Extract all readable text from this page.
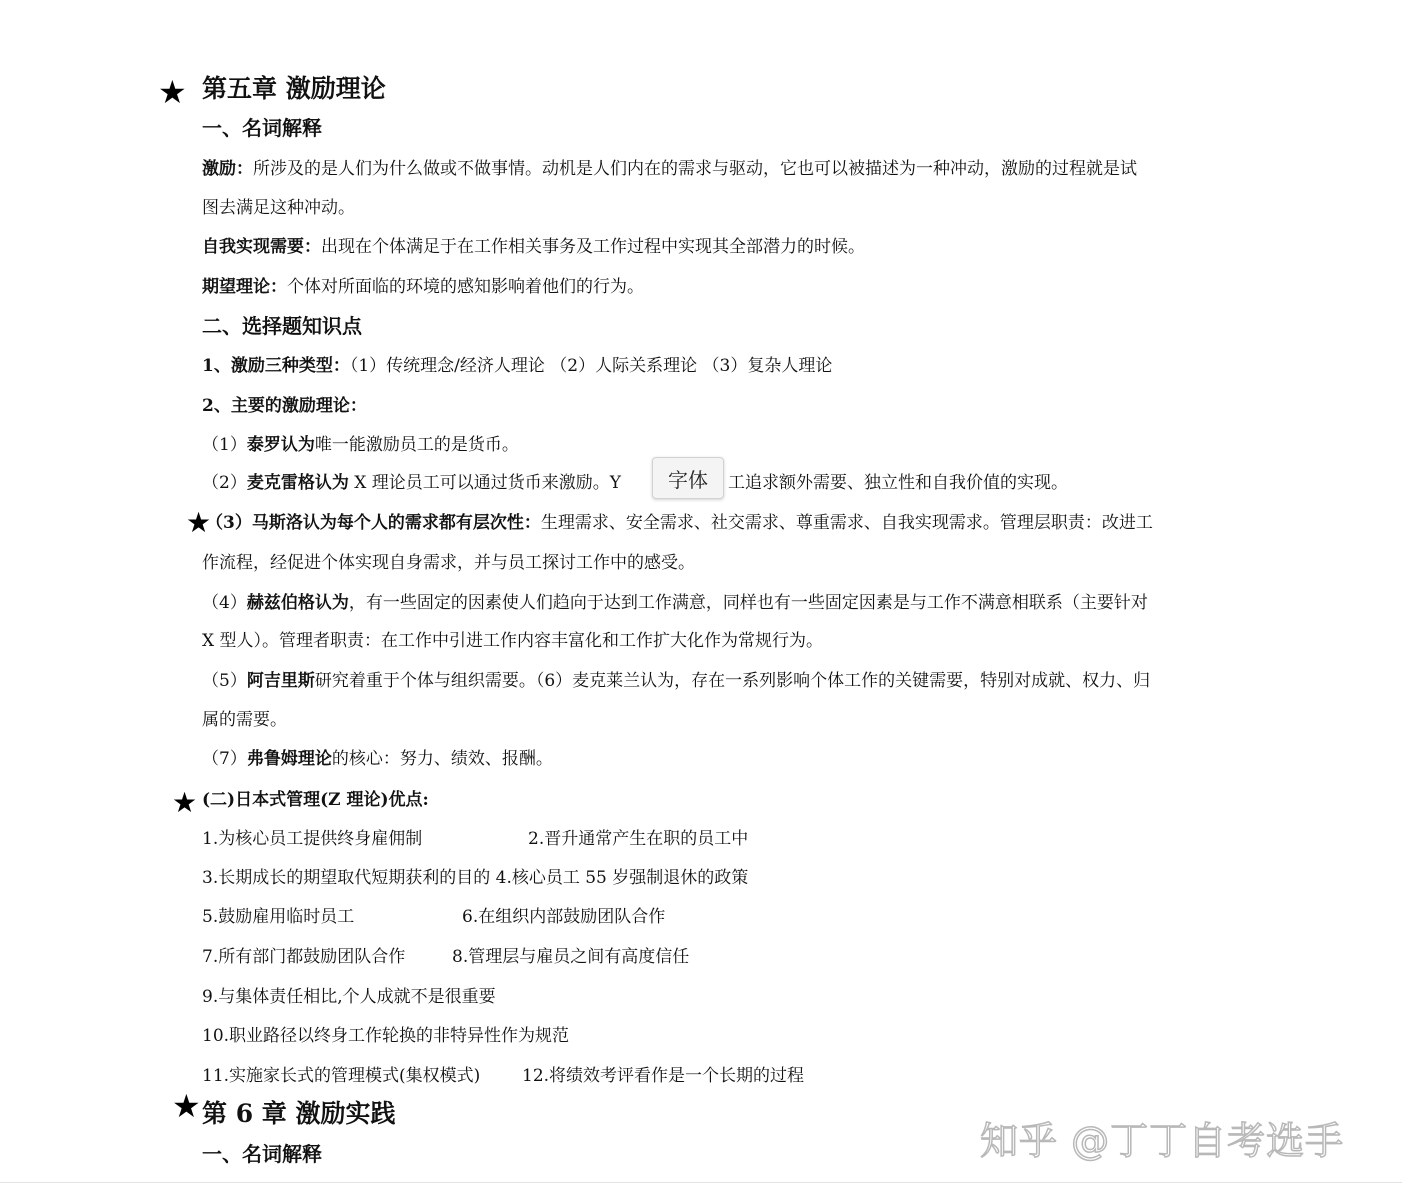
★ 第五章 激励理论
一、名词解释
激励：所涉及的是人们为什么做或不做事情。动机是人们内在的需求与驱动，它也可以被描述为一种冲动，激励的过程就是试
图去满足这种冲动。
自我实现需要：出现在个体满足于在工作相关事务及工作过程中实现其全部潜力的时候。
期望理论：个体对所面临的环境的感知影响着他们的行为。
二、选择题知识点
1、激励三种类型：（1）传统理念/经济人理论 （2）人际关系理论 （3）复杂人理论
2、主要的激励理论：
（1）泰罗认为唯一能激励员工的是货币。
（2）麦克雷格认为 X 理论员工可以通过货币来激励。Y	工追求额外需要、独立性和自我价值的实现。
★
（3）马斯洛认为每个人的需求都有层次性：生理需求、安全需求、社交需求、尊重需求、自我实现需求。管理层职责：改进工
作流程，经促进个体实现自身需求，并与员工探讨工作中的感受。
（4）赫兹伯格认为，有一些固定的因素使人们趋向于达到工作满意，同样也有一些固定因素是与工作不满意相联系（主要针对
X 型人）。管理者职责：在工作中引进工作内容丰富化和工作扩大化作为常规行为。
（5）阿吉里斯研究着重于个体与组织需要。（6）麦克莱兰认为，存在一系列影响个体工作的关键需要，特别对成就、权力、归
属的需要。
（7）弗鲁姆理论的核心：努力、绩效、报酬。
★ (二)日本式管理(Z 理论)优点:
1.为核心员工提供终身雇佣制	2.晋升通常产生在职的员工中
3.长期成长的期望取代短期获利的目的 4.核心员工 55 岁强制退休的政策
5.鼓励雇用临时员工	6.在组织内部鼓励团队合作
7.所有部门都鼓励团队合作	8.管理层与雇员之间有高度信任
9.与集体责任相比,个人成就不是很重要
10.职业路径以终身工作轮换的非特异性作为规范
11.实施家长式的管理模式(集权模式) 12.将绩效考评看作是一个长期的过程
★ 第 6 章 激励实践
一、名词解释
字体
知乎 @丁丁自考选手
